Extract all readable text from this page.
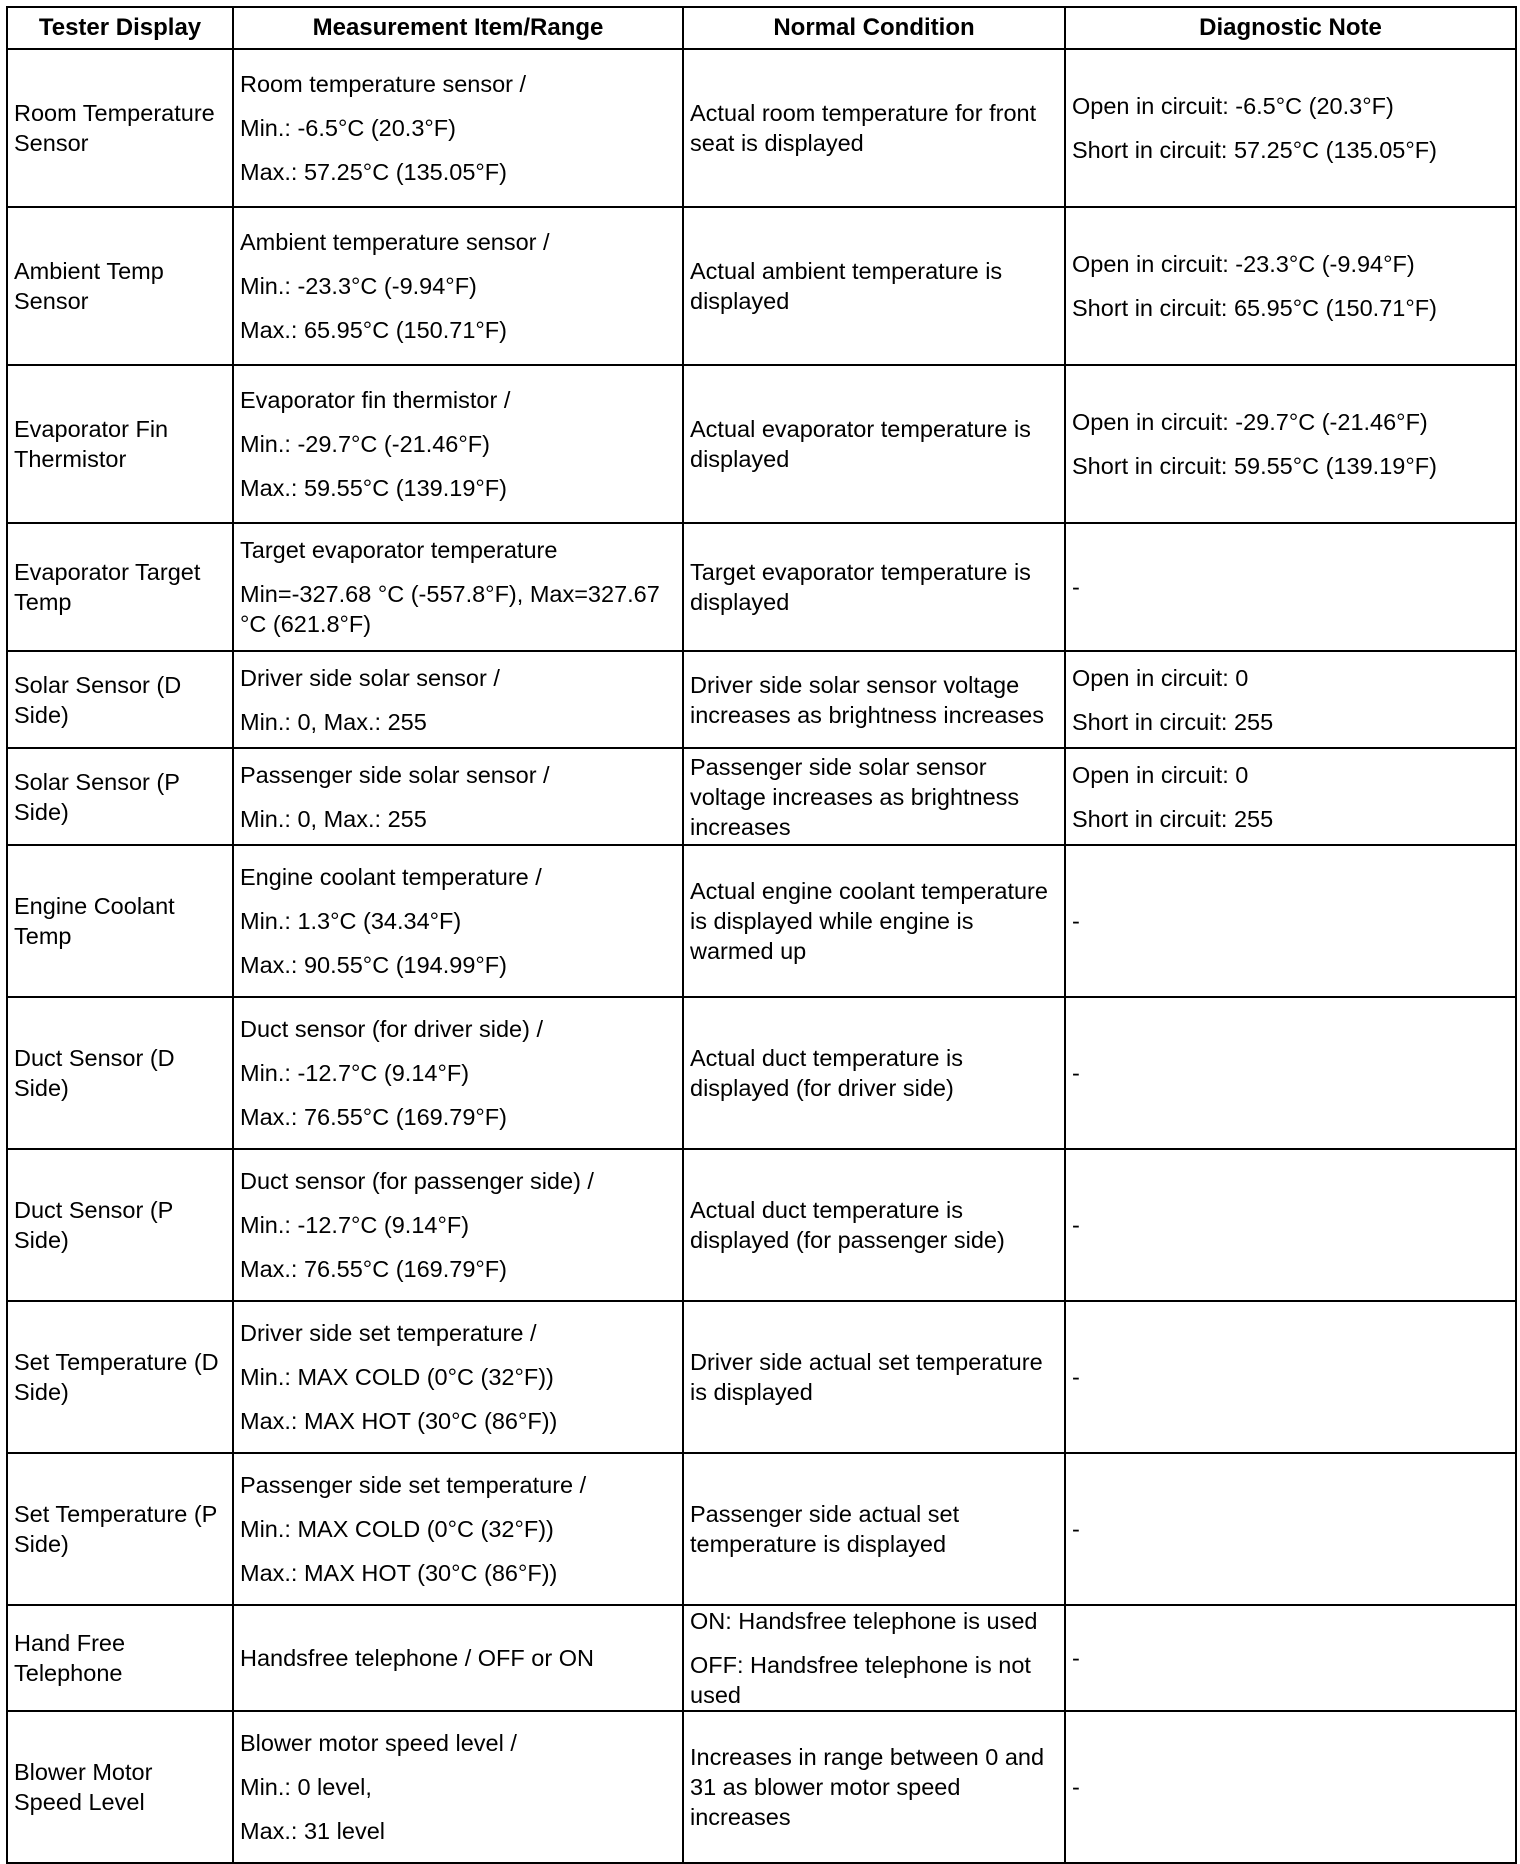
Tester Display	Measurement Item/Range	Normal Condition	Diagnostic Note
Room Temperature Sensor	Room temperature sensor /
Min.: -6.5°C (20.3°F)
Max.: 57.25°C (135.05°F)	Actual room temperature for front seat is displayed	Open in circuit: -6.5°C (20.3°F)
Short in circuit: 57.25°C (135.05°F)

Ambient Temp Sensor	Ambient temperature sensor /
Min.: -23.3°C (-9.94°F)
Max.: 65.95°C (150.71°F)	Actual ambient temperature is displayed	Open in circuit: -23.3°C (-9.94°F)
Short in circuit: 65.95°C (150.71°F)

Evaporator Fin Thermistor	Evaporator fin thermistor /
Min.: -29.7°C (-21.46°F)
Max.: 59.55°C (139.19°F)	Actual evaporator temperature is displayed	Open in circuit: -29.7°C (-21.46°F)
Short in circuit: 59.55°C (139.19°F)

Evaporator Target Temp	Target evaporator temperature
Min=-327.68 °C (-557.8°F), Max=327.67 °C (621.8°F)	Target evaporator temperature is displayed	-

Solar Sensor (D Side)	Driver side solar sensor /
Min.: 0, Max.: 255	Driver side solar sensor voltage increases as brightness increases	Open in circuit: 0
Short in circuit: 255

Solar Sensor (P Side)	Passenger side solar sensor /
Min.: 0, Max.: 255	Passenger side solar sensor voltage increases as brightness increases	Open in circuit: 0
Short in circuit: 255

Engine Coolant Temp	Engine coolant temperature /
Min.: 1.3°C (34.34°F)
Max.: 90.55°C (194.99°F)	Actual engine coolant temperature is displayed while engine is warmed up	-

Duct Sensor (D Side)	Duct sensor (for driver side) /
Min.: -12.7°C (9.14°F)
Max.: 76.55°C (169.79°F)	Actual duct temperature is displayed (for driver side)	-

Duct Sensor (P Side)	Duct sensor (for passenger side) /
Min.: -12.7°C (9.14°F)
Max.: 76.55°C (169.79°F)	Actual duct temperature is displayed (for passenger side)	-

Set Temperature (D Side)	Driver side set temperature /
Min.: MAX COLD (0°C (32°F))
Max.: MAX HOT (30°C (86°F))	Driver side actual set temperature is displayed	-

Set Temperature (P Side)	Passenger side set temperature /
Min.: MAX COLD (0°C (32°F))
Max.: MAX HOT (30°C (86°F))	Passenger side actual set temperature is displayed	-

Hand Free Telephone	Handsfree telephone / OFF or ON	ON: Handsfree telephone is used
OFF: Handsfree telephone is not used	-

Blower Motor Speed Level	Blower motor speed level /
Min.: 0 level,
Max.: 31 level	Increases in range between 0 and 31 as blower motor speed increases	-
